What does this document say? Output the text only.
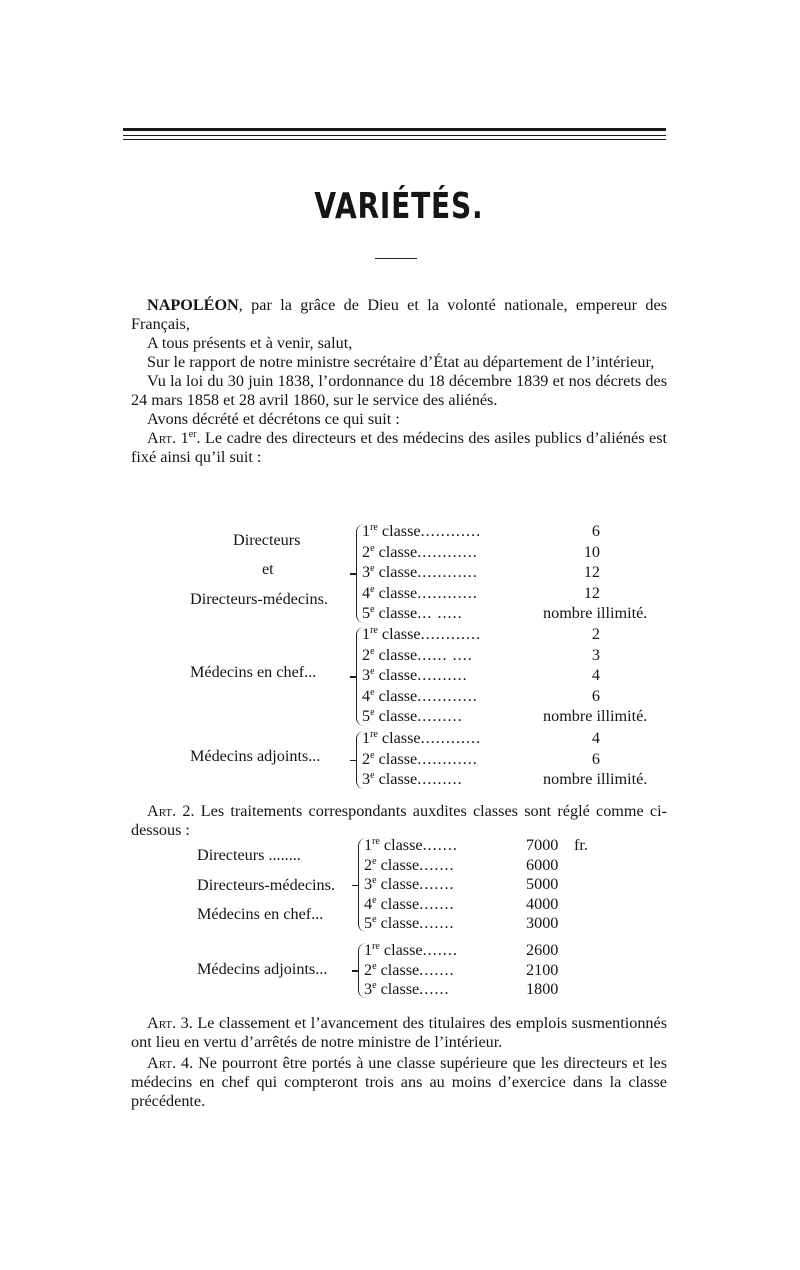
VARIÉTÉS.

NAPOLÉON, par la grâce de Dieu et la volonté nationale, empereur des Français,

A tous présents et à venir, salut,

Sur le rapport de notre ministre secrétaire d’État au département de l’intérieur,

Vu la loi du 30 juin 1838, l’ordonnance du 18 décembre 1839 et nos décrets des 24 mars 1858 et 28 avril 1860, sur le service des aliénés.

Avons décrété et décrétons ce qui suit :

Art. 1er. Le cadre des directeurs et des médecins des asiles publics d’aliénés est fixé ainsi qu’il suit :

Directeurs
et
Directeurs-médecins.
1re classe............	6
2e classe............	10
3e classe............	12
4e classe............	12
5e classe... .....	nombre illimité.
Médecins en chef...
1re classe............	2
2e classe...... ....	3
3e classe..........	4
4e classe............	6
5e classe.........	nombre illimité.
Médecins adjoints...
1re classe............	4
2e classe............	6
3e classe.........	nombre illimité.

Art. 2. Les traitements correspondants auxdites classes sont réglé comme ci-dessous :

Directeurs ........
Directeurs-médecins.
Médecins en chef...
1re classe.......	7000 fr.
2e classe.......	6000
3e classe.......	5000
4e classe.......	4000
5e classe.......	3000
Médecins adjoints...
1re classe.......	2600
2e classe.......	2100
3e classe......	1800

Art. 3. Le classement et l’avancement des titulaires des emplois susmentionnés ont lieu en vertu d’arrêtés de notre ministre de l’intérieur.

Art. 4. Ne pourront être portés à une classe supérieure que les directeurs et les médecins en chef qui compteront trois ans au moins d’exercice dans la classe précédente.
